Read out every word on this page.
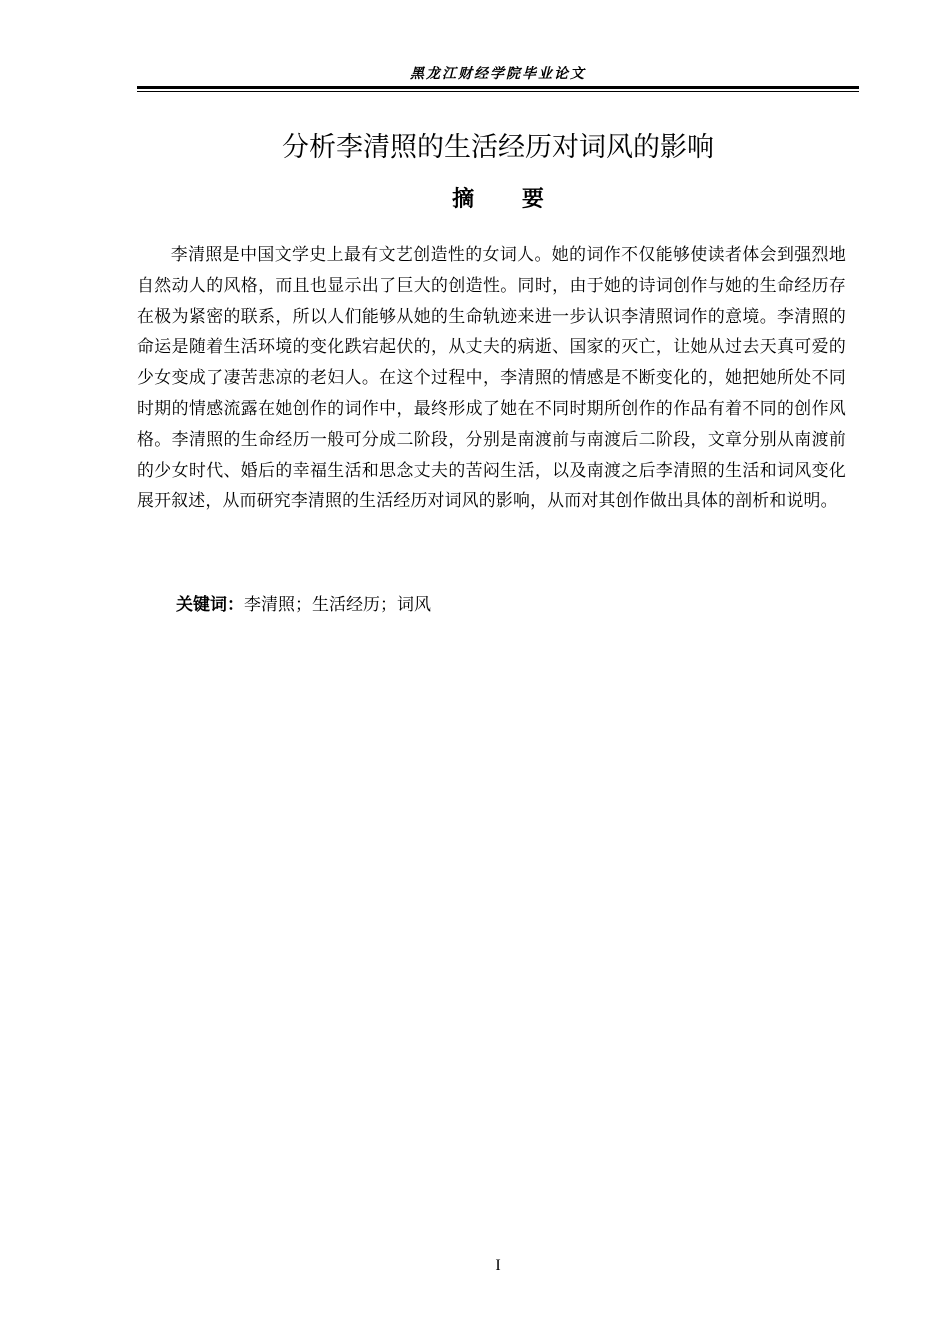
黑龙江财经学院毕业论文
分析李清照的生活经历对词风的影响
摘 要

李清照是中国文学史上最有文艺创造性的女词人。她的词作不仅能够使读者体会到强烈地自然动人的风格，而且也显示出了巨大的创造性。同时，由于她的诗词创作与她的生命经历存在极为紧密的联系，所以人们能够从她的生命轨迹来进一步认识李清照词作的意境。李清照的命运是随着生活环境的变化跌宕起伏的，从丈夫的病逝、国家的灭亡，让她从过去天真可爱的少女变成了凄苦悲凉的老妇人。在这个过程中，李清照的情感是不断变化的，她把她所处不同时期的情感流露在她创作的词作中，最终形成了她在不同时期所创作的作品有着不同的创作风格。李清照的生命经历一般可分成二阶段，分别是南渡前与南渡后二阶段，文章分别从南渡前的少女时代、婚后的幸福生活和思念丈夫的苦闷生活，以及南渡之后李清照的生活和词风变化展开叙述，从而研究李清照的生活经历对词风的影响，从而对其创作做出具体的剖析和说明。

关键词：李清照；生活经历；词风

I
